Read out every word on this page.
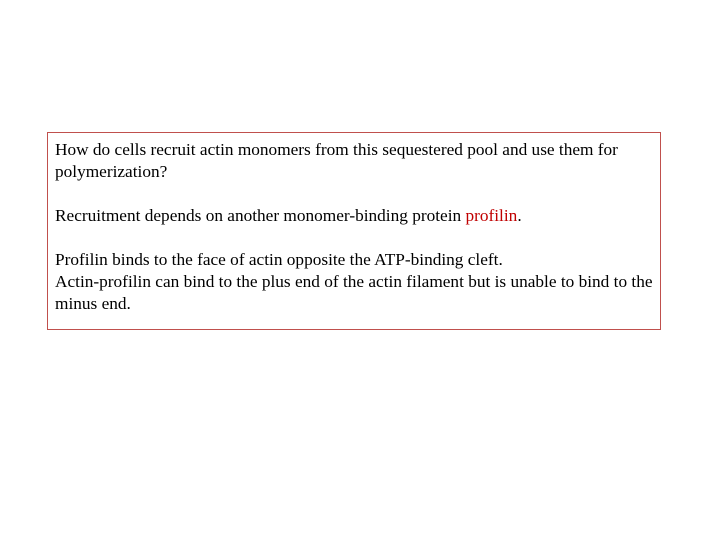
How do cells recruit actin monomers from this sequestered pool and use them for polymerization?

Recruitment depends on another monomer-binding protein profilin.

Profilin binds to the face of actin opposite the ATP-binding cleft.

Actin-profilin can bind to the plus end of the actin filament but is unable to bind to the minus end.
